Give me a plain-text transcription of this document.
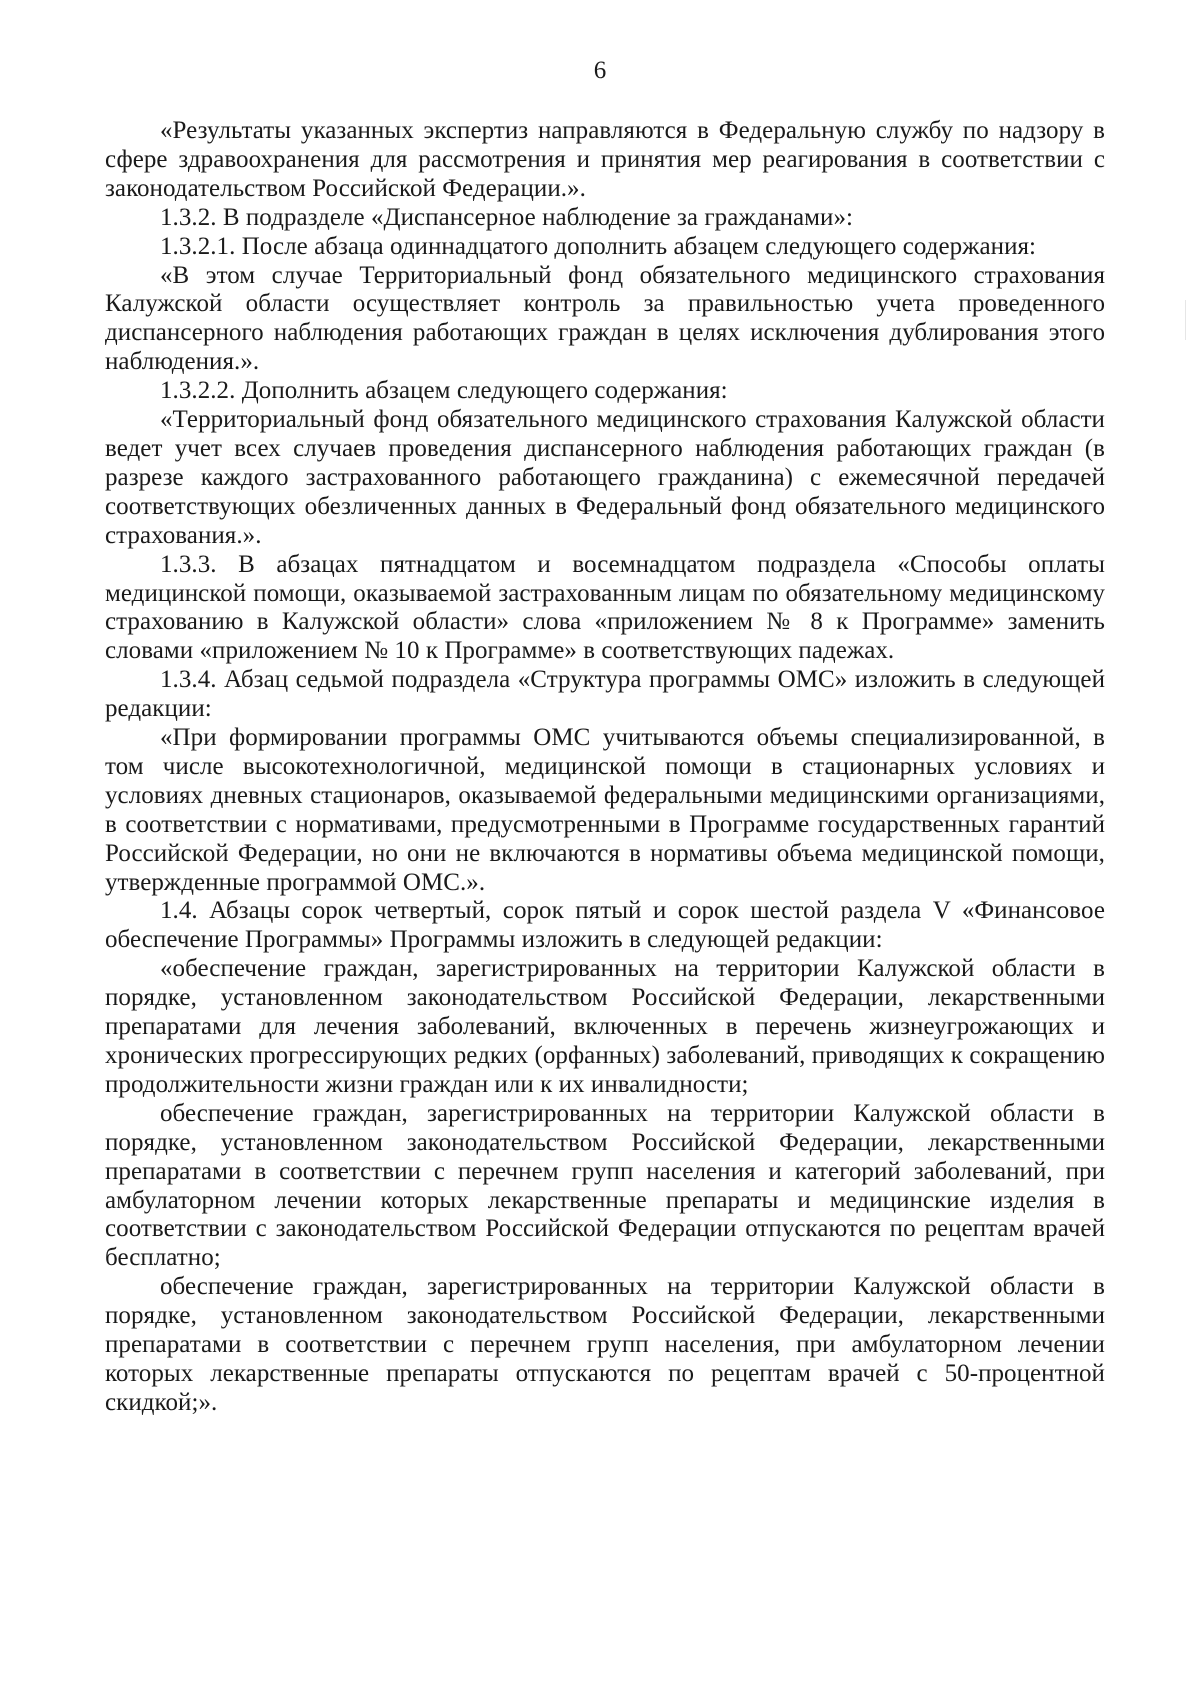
6

«Результаты указанных экспертиз направляются в Федеральную службу по надзору в сфере здравоохранения для рассмотрения и принятия мер реагирования в соответствии с законодательством Российской Федерации.».

1.3.2. В подразделе «Диспансерное наблюдение за гражданами»:

1.3.2.1. После абзаца одиннадцатого дополнить абзацем следующего содержания:

«В этом случае Территориальный фонд обязательного медицинского страхования Калужской области осуществляет контроль за правильностью учета проведенного диспансерного наблюдения работающих граждан в целях исключения дублирования этого наблюдения.».

1.3.2.2. Дополнить абзацем следующего содержания:

«Территориальный фонд обязательного медицинского страхования Калужской области ведет учет всех случаев проведения диспансерного наблюдения работающих граждан (в разрезе каждого застрахованного работающего гражданина) с ежемесячной передачей соответствующих обезличенных данных в Федеральный фонд обязательного медицинского страхования.».

1.3.3. В абзацах пятнадцатом и восемнадцатом подраздела «Способы оплаты медицинской помощи, оказываемой застрахованным лицам по обязательному медицинскому страхованию в Калужской области» слова «приложением № 8 к Программе» заменить словами «приложением № 10 к Программе» в соответствующих падежах.

1.3.4. Абзац седьмой подраздела «Структура программы ОМС» изложить в следующей редакции:

«При формировании программы ОМС учитываются объемы специализированной, в том числе высокотехнологичной, медицинской помощи в стационарных условиях и условиях дневных стационаров, оказываемой федеральными медицинскими организациями, в соответствии с нормативами, предусмотренными в Программе государственных гарантий Российской Федерации, но они не включаются в нормативы объема медицинской помощи, утвержденные программой ОМС.».

1.4. Абзацы сорок четвертый, сорок пятый и сорок шестой раздела V «Финансовое обеспечение Программы» Программы изложить в следующей редакции:

«обеспечение граждан, зарегистрированных на территории Калужской области в порядке, установленном законодательством Российской Федерации, лекарственными препаратами для лечения заболеваний, включенных в перечень жизнеугрожающих и хронических прогрессирующих редких (орфанных) заболеваний, приводящих к сокращению продолжительности жизни граждан или к их инвалидности;

обеспечение граждан, зарегистрированных на территории Калужской области в порядке, установленном законодательством Российской Федерации, лекарственными препаратами в соответствии с перечнем групп населения и категорий заболеваний, при амбулаторном лечении которых лекарственные препараты и медицинские изделия в соответствии с законодательством Российской Федерации отпускаются по рецептам врачей бесплатно;

обеспечение граждан, зарегистрированных на территории Калужской области в порядке, установленном законодательством Российской Федерации, лекарственными препаратами в соответствии с перечнем групп населения, при амбулаторном лечении которых лекарственные препараты отпускаются по рецептам врачей с 50-процентной скидкой;».
